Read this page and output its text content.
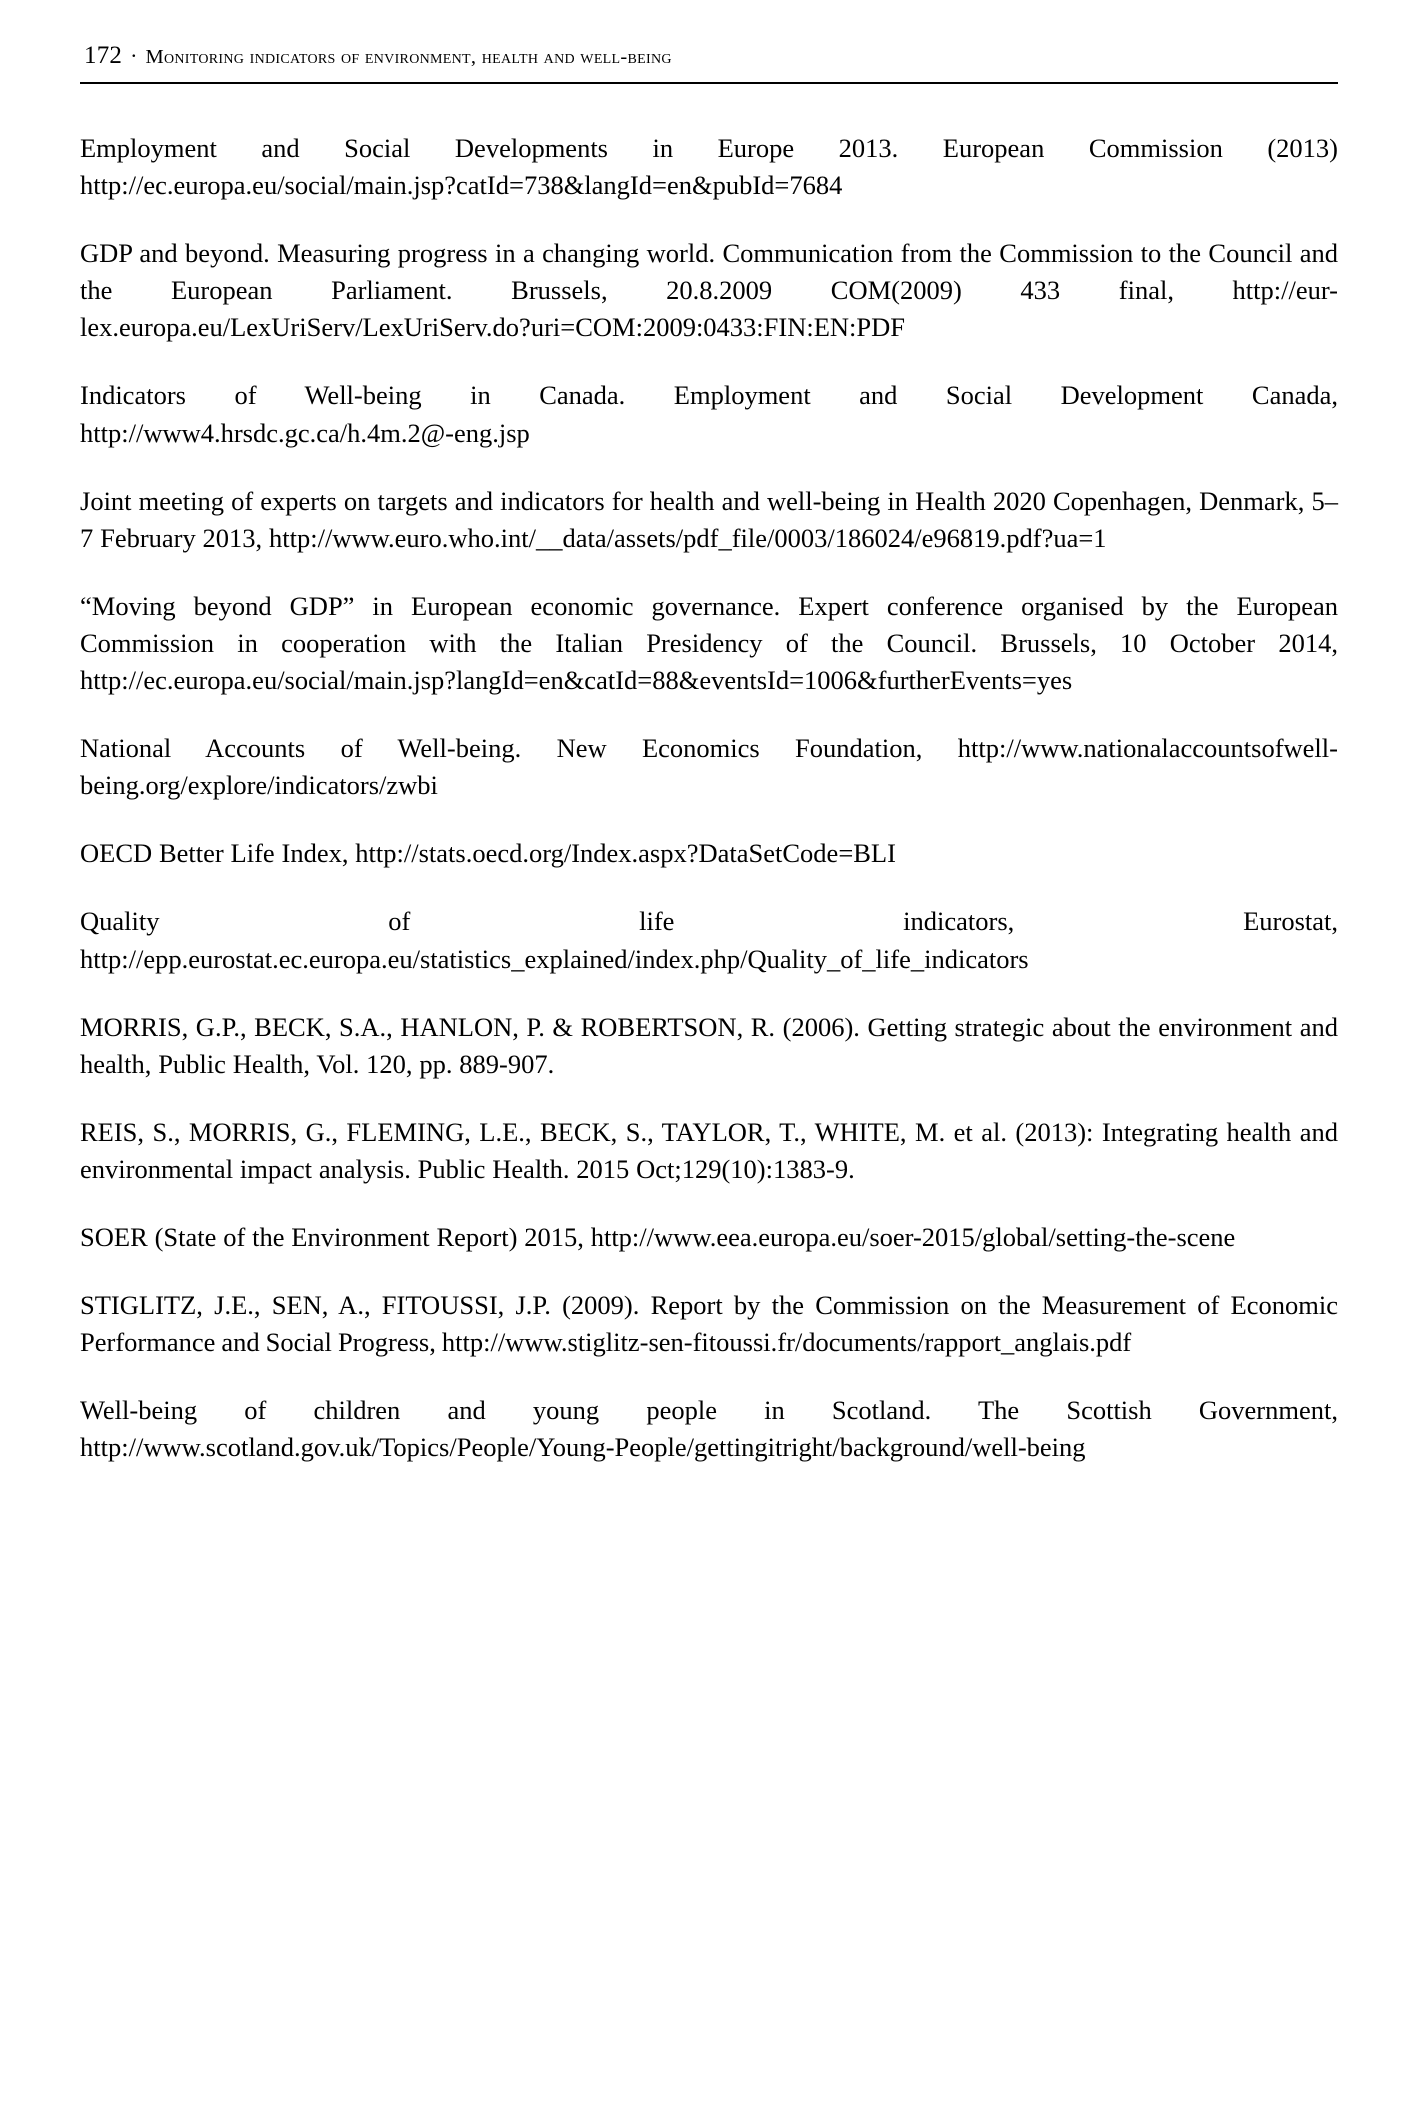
172 · Monitoring indicators of environment, health and well-being

Employment and Social Developments in Europe 2013. European Commission (2013) http://ec.europa.eu/social/main.jsp?catId=738&langId=en&pubId=7684

GDP and beyond. Measuring progress in a changing world. Communication from the Commission to the Council and the European Parliament. Brussels, 20.8.2009 COM(2009) 433 final, http://eur-lex.europa.eu/LexUriServ/LexUriServ.do?uri=COM:2009:0433:FIN:EN:PDF

Indicators of Well-being in Canada. Employment and Social Development Canada, http://www4.hrsdc.gc.ca/h.4m.2@-eng.jsp

Joint meeting of experts on targets and indicators for health and well-being in Health 2020 Copenhagen, Denmark, 5–7 February 2013, http://www.euro.who.int/__data/assets/pdf_file/0003/186024/e96819.pdf?ua=1

“Moving beyond GDP” in European economic governance. Expert conference organised by the European Commission in cooperation with the Italian Presidency of the Council. Brussels, 10 October 2014, http://ec.europa.eu/social/main.jsp?langId=en&catId=88&eventsId=1006&furtherEvents=yes

National Accounts of Well-being. New Economics Foundation, http://www.nationalaccountsofwell-being.org/explore/indicators/zwbi

OECD Better Life Index, http://stats.oecd.org/Index.aspx?DataSetCode=BLI

Quality of life indicators, Eurostat, http://epp.eurostat.ec.europa.eu/statistics_explained/index.php/Quality_of_life_indicators

MORRIS, G.P., BECK, S.A., HANLON, P. & ROBERTSON, R. (2006). Getting strategic about the environment and health, Public Health, Vol. 120, pp. 889-907.

REIS, S., MORRIS, G., FLEMING, L.E., BECK, S., TAYLOR, T., WHITE, M. et al. (2013): Integrating health and environmental impact analysis. Public Health. 2015 Oct;129(10):1383-9.

SOER (State of the Environment Report) 2015, http://www.eea.europa.eu/soer-2015/global/setting-the-scene

STIGLITZ, J.E., SEN, A., FITOUSSI, J.P. (2009). Report by the Commission on the Measurement of Economic Performance and Social Progress, http://www.stiglitz-sen-fitoussi.fr/documents/rapport_anglais.pdf

Well-being of children and young people in Scotland. The Scottish Government, http://www.scotland.gov.uk/Topics/People/Young-People/gettingitright/background/well-being
